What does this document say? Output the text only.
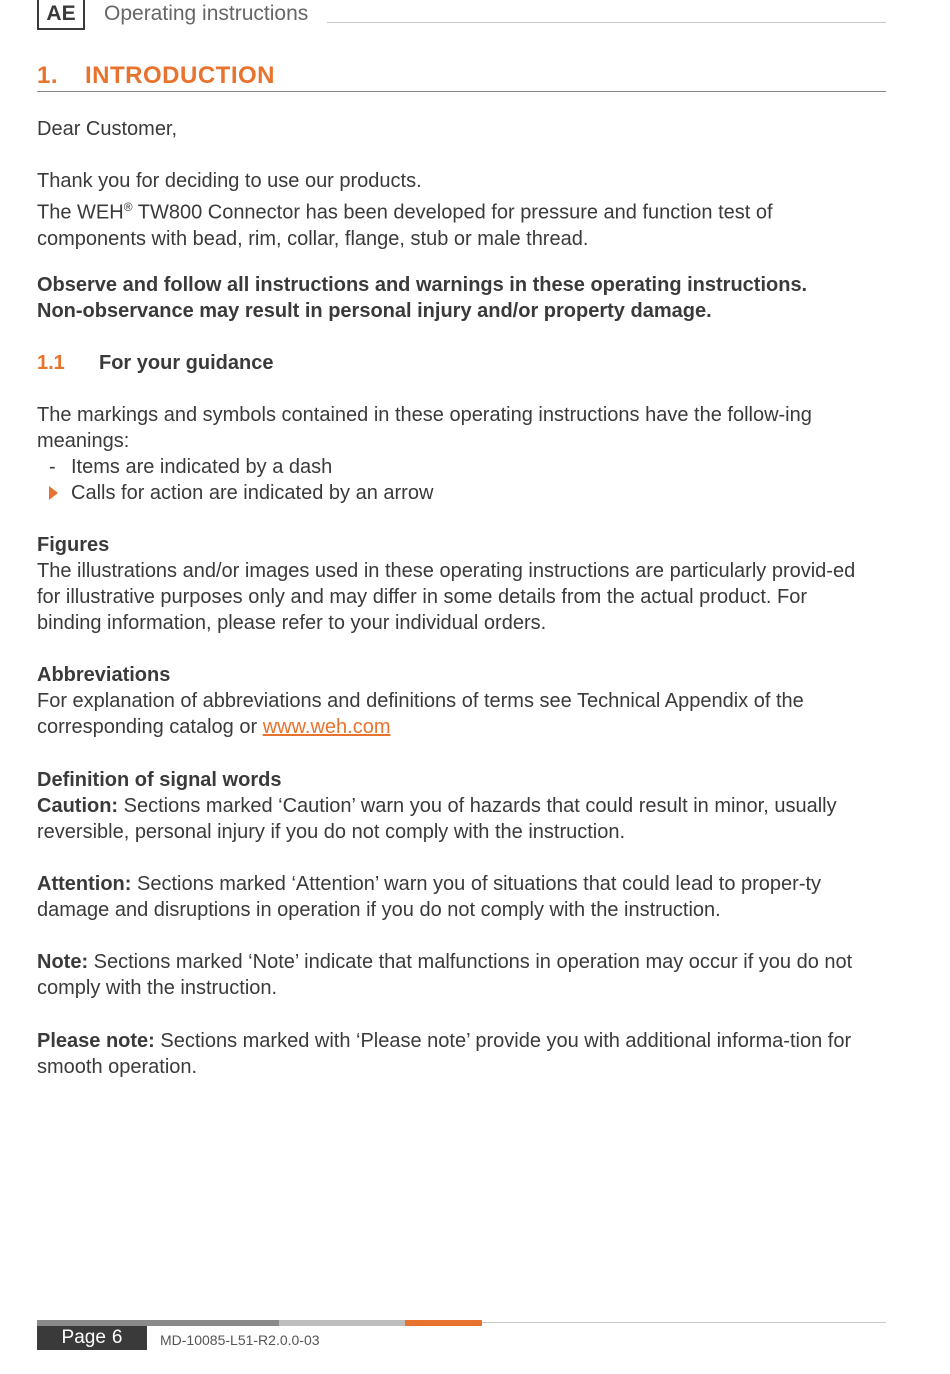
AE	Operating instructions
1. INTRODUCTION
Dear Customer,
Thank you for deciding to use our products.
The WEH® TW800 Connector has been developed for pressure and function test of components with bead, rim, collar, flange, stub or male thread.
Observe and follow all instructions and warnings in these operating instructions.
Non-observance may result in personal injury and/or property damage.
1.1 For your guidance
The markings and symbols contained in these operating instructions have the follow-ing meanings:
- Items are indicated by a dash
Calls for action are indicated by an arrow
Figures
The illustrations and/or images used in these operating instructions are particularly provid-ed for illustrative purposes only and may differ in some details from the actual product. For binding information, please refer to your individual orders.
Abbreviations
For explanation of abbreviations and definitions of terms see Technical Appendix of the corresponding catalog or www.weh.com
Definition of signal words
Caution: Sections marked ‘Caution’ warn you of hazards that could result in minor, usually reversible, personal injury if you do not comply with the instruction.
Attention: Sections marked ‘Attention’ warn you of situations that could lead to proper-ty damage and disruptions in operation if you do not comply with the instruction.
Note: Sections marked ‘Note’ indicate that malfunctions in operation may occur if you do not comply with the instruction.
Please note: Sections marked with ‘Please note’ provide you with additional informa-tion for smooth operation.
Page 6	MD-10085-L51-R2.0.0-03
